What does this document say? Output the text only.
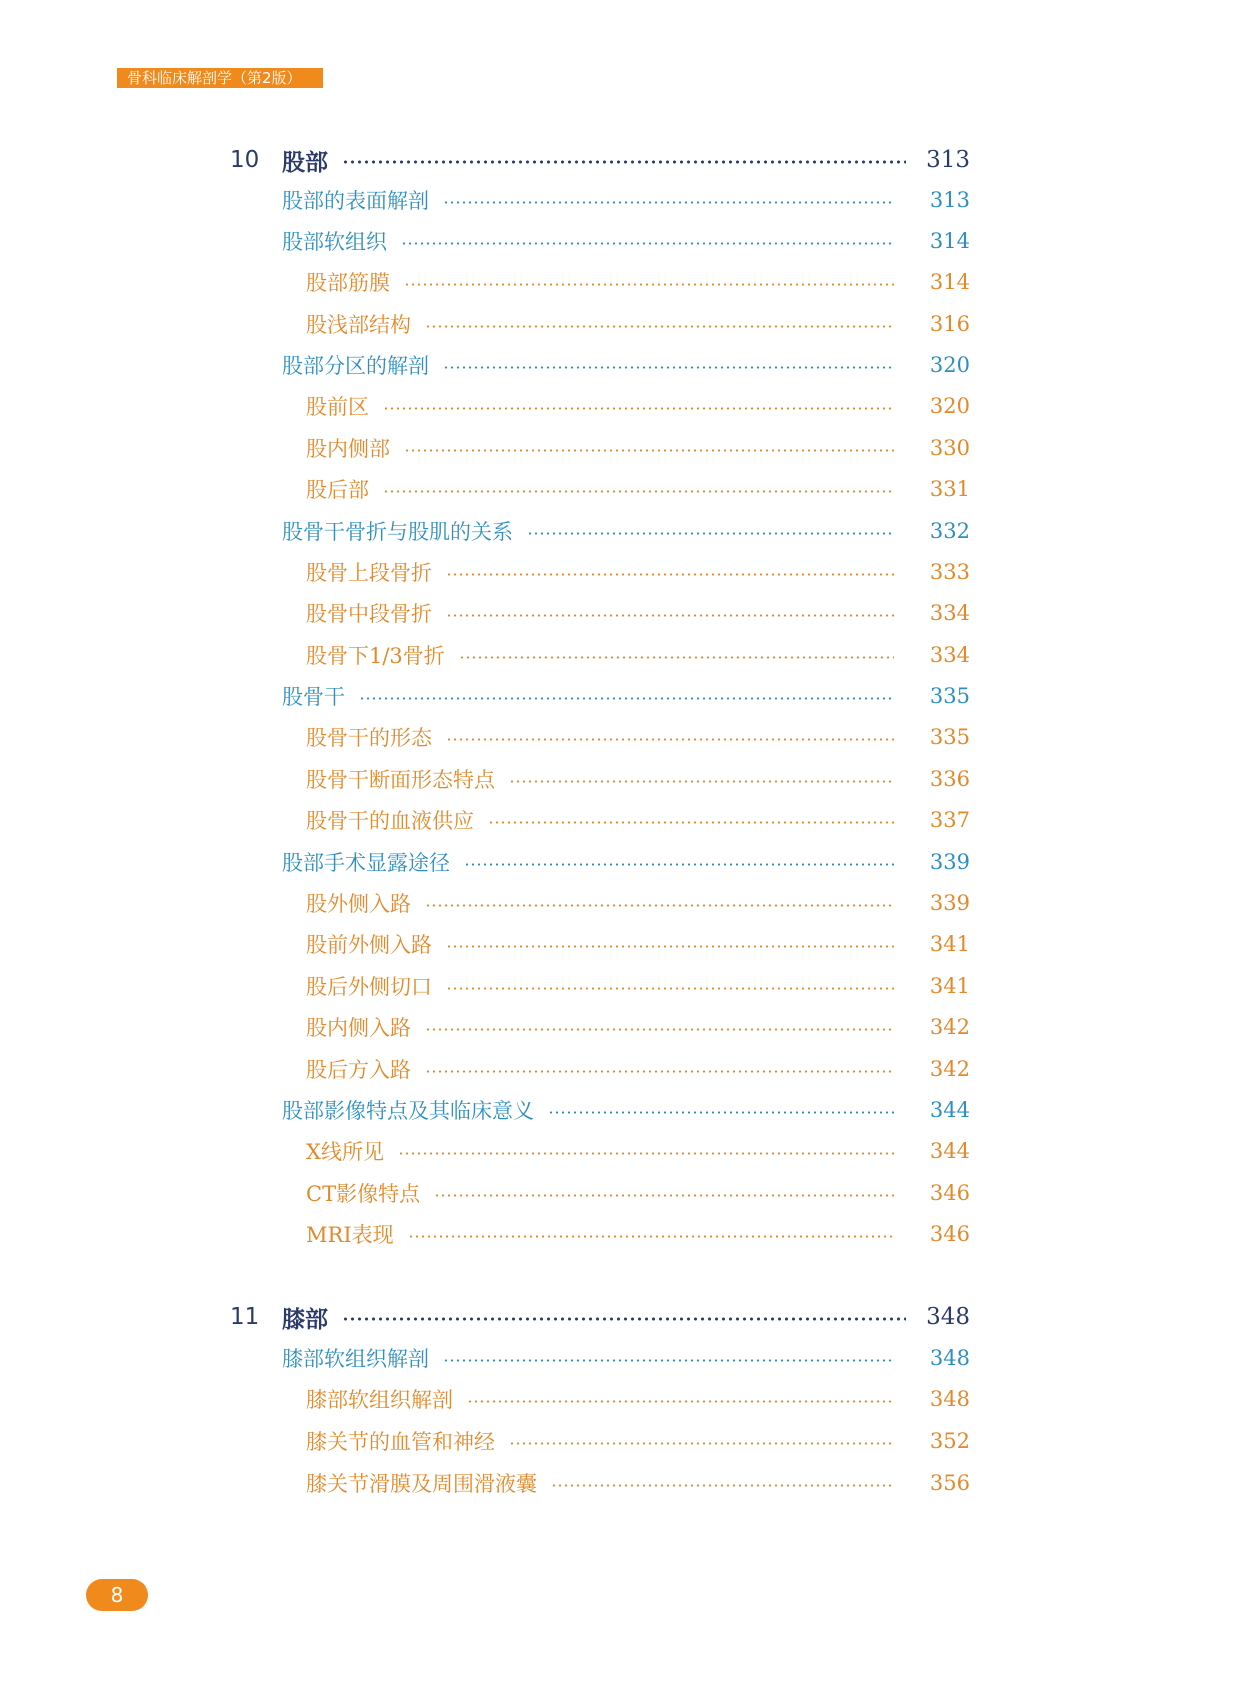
骨科临床解剖学（第2版）
10 股部	313
股部的表面解剖	313
股部软组织	314
股部筋膜	314
股浅部结构	316
股部分区的解剖	320
股前区	320
股内侧部	330
股后部	331
股骨干骨折与股肌的关系	332
股骨上段骨折	333
股骨中段骨折	334
股骨下1/3骨折	334
股骨干	335
股骨干的形态	335
股骨干断面形态特点	336
股骨干的血液供应	337
股部手术显露途径	339
股外侧入路	339
股前外侧入路	341
股后外侧切口	341
股内侧入路	342
股后方入路	342
股部影像特点及其临床意义	344
X线所见	344
CT影像特点	346
MRI表现	346
11 膝部	348
膝部软组织解剖	348
膝部软组织解剖	348
膝关节的血管和神经	352
膝关节滑膜及周围滑液囊	356
8
